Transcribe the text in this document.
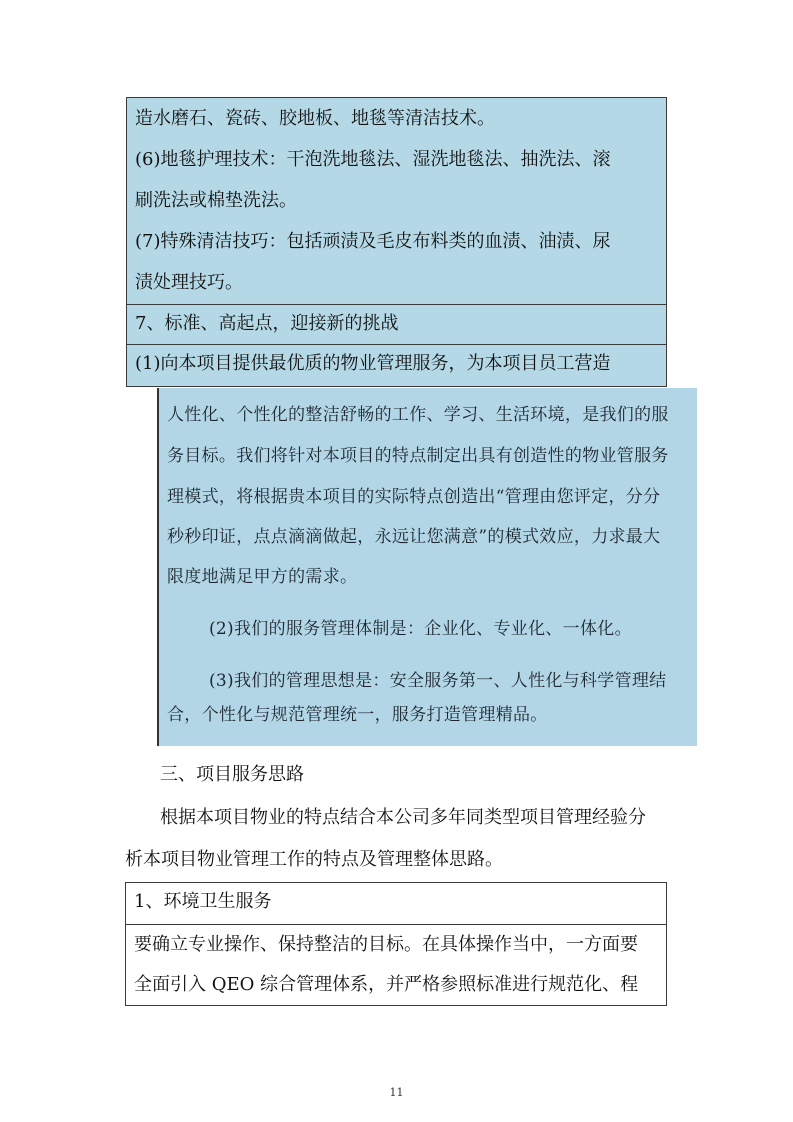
造水磨石、瓷砖、胶地板、地毯等清洁技术。
(6)地毯护理技术：干泡洗地毯法、湿洗地毯法、抽洗法、滚
刷洗法或棉垫洗法。
(7)特殊清洁技巧：包括顽渍及毛皮布料类的血渍、油渍、尿
渍处理技巧。
7、标准、高起点，迎接新的挑战
(1)向本项目提供最优质的物业管理服务，为本项目员工营造
人性化、个性化的整洁舒畅的工作、学习、生活环境，是我们的服
务目标。我们将针对本项目的特点制定出具有创造性的物业管服务
理模式，将根据贵本项目的实际特点创造出“管理由您评定，分分
秒秒印证，点点滴滴做起，永远让您满意”的模式效应，力求最大
限度地满足甲方的需求。
(2)我们的服务管理体制是：企业化、专业化、一体化。
(3)我们的管理思想是：安全服务第一、人性化与科学管理结
合，个性化与规范管理统一，服务打造管理精品。
三、项目服务思路
根据本项目物业的特点结合本公司多年同类型项目管理经验分
析本项目物业管理工作的特点及管理整体思路。
1、环境卫生服务
要确立专业操作、保持整洁的目标。在具体操作当中，一方面要
全面引入 QEO 综合管理体系，并严格参照标准进行规范化、程
11
